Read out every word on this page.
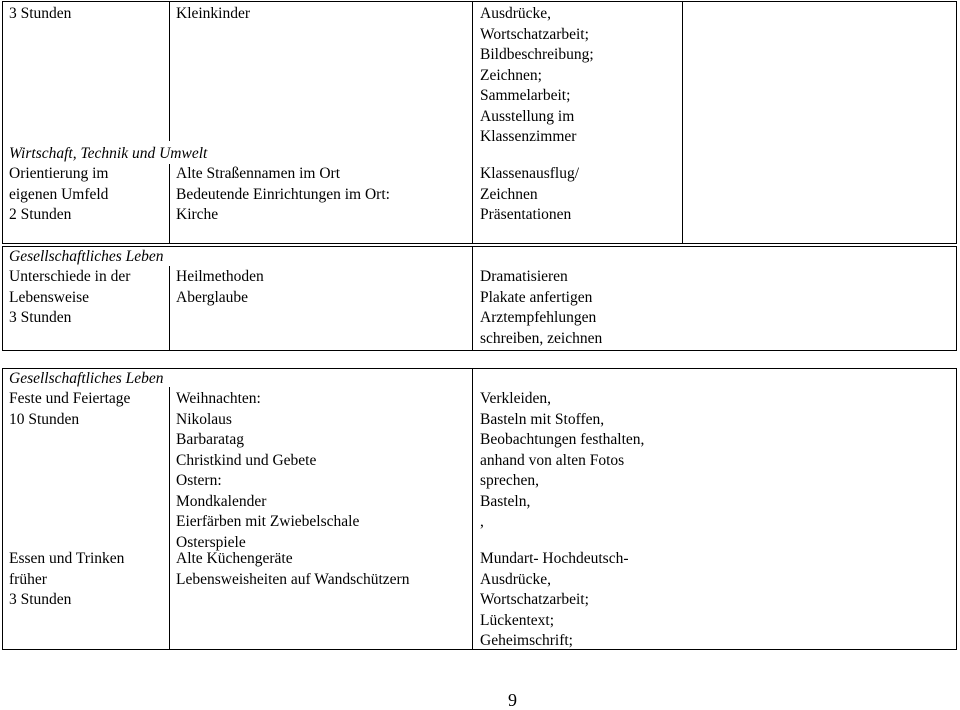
3 Stunden	Kleinkinder	Ausdrücke,
Wortschatzarbeit;
Bildbeschreibung;
Zeichnen;
Sammelarbeit;
Ausstellung im
Klassenzimmer
Wirtschaft, Technik und Umwelt
Orientierung im
eigenen Umfeld
2 Stunden
Alte Straßennamen im Ort
Bedeutende Einrichtungen im Ort:
Kirche
Klassenausflug/
Zeichnen
Präsentationen
Gesellschaftliches Leben
Unterschiede in der
Lebensweise
3 Stunden
Heilmethoden
Aberglaube
Dramatisieren
Plakate anfertigen
Arztempfehlungen
schreiben, zeichnen
Gesellschaftliches Leben
Feste und Feiertage
10 Stunden
Weihnachten:
Nikolaus
Barbaratag
Christkind und Gebete
Ostern:
Mondkalender
Eierfärben mit Zwiebelschale
Osterspiele
Verkleiden,
Basteln mit Stoffen,
Beobachtungen festhalten,
anhand von alten Fotos
sprechen,
Basteln,
,
Essen und Trinken
früher
3 Stunden
Alte Küchengeräte
Lebensweisheiten auf Wandschützern
Mundart- Hochdeutsch-
Ausdrücke,
Wortschatzarbeit;
Lückentext;
Geheimschrift;
9
